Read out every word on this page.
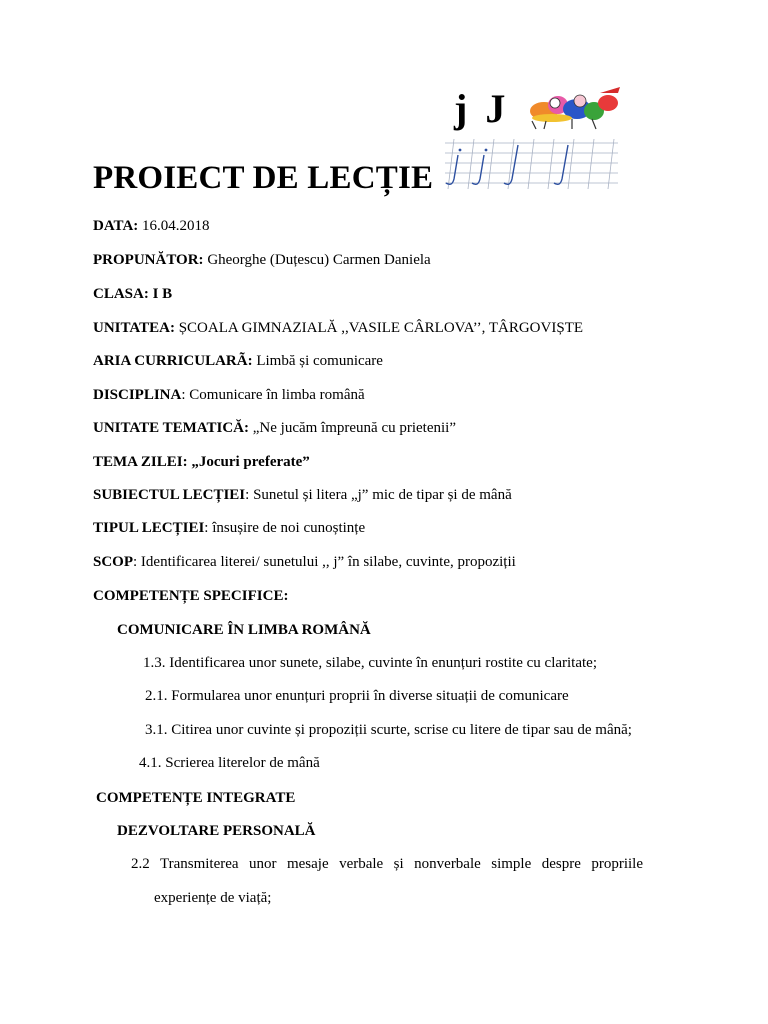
j J
PROIECT DE LECȚIE
DATA: 16.04.2018
PROPUNĂTOR: Gheorghe (Duțescu) Carmen Daniela
CLASA: I B
UNITATEA: ȘCOALA GIMNAZIALĂ ,,VASILE CÂRLOVA’’, TÂRGOVIȘTE
ARIA CURRICULARÃ: Limbă și comunicare
DISCIPLINA: Comunicare în limba română
UNITATE TEMATICĂ: „Ne jucăm împreună cu prietenii”
TEMA ZILEI: „Jocuri preferate”
SUBIECTUL LECȚIEI: Sunetul și litera „j” mic de tipar și de mână
TIPUL LECȚIEI: însușire de noi cunoștințe
SCOP: Identificarea literei/ sunetului ,, j” în silabe, cuvinte, propoziții
COMPETENȚE SPECIFICE:
COMUNICARE ÎN LIMBA ROMÂNĂ
1.3. Identificarea unor sunete, silabe, cuvinte în enunțuri rostite cu claritate;
2.1. Formularea unor enunțuri proprii în diverse situații de comunicare
3.1. Citirea unor cuvinte și propoziții scurte, scrise cu litere de tipar sau de mână;
4.1. Scrierea literelor de mână
COMPETENȚE INTEGRATE
DEZVOLTARE PERSONALĂ
2.2 Transmiterea unor mesaje verbale și nonverbale simple despre propriile
experiențe de viață;
